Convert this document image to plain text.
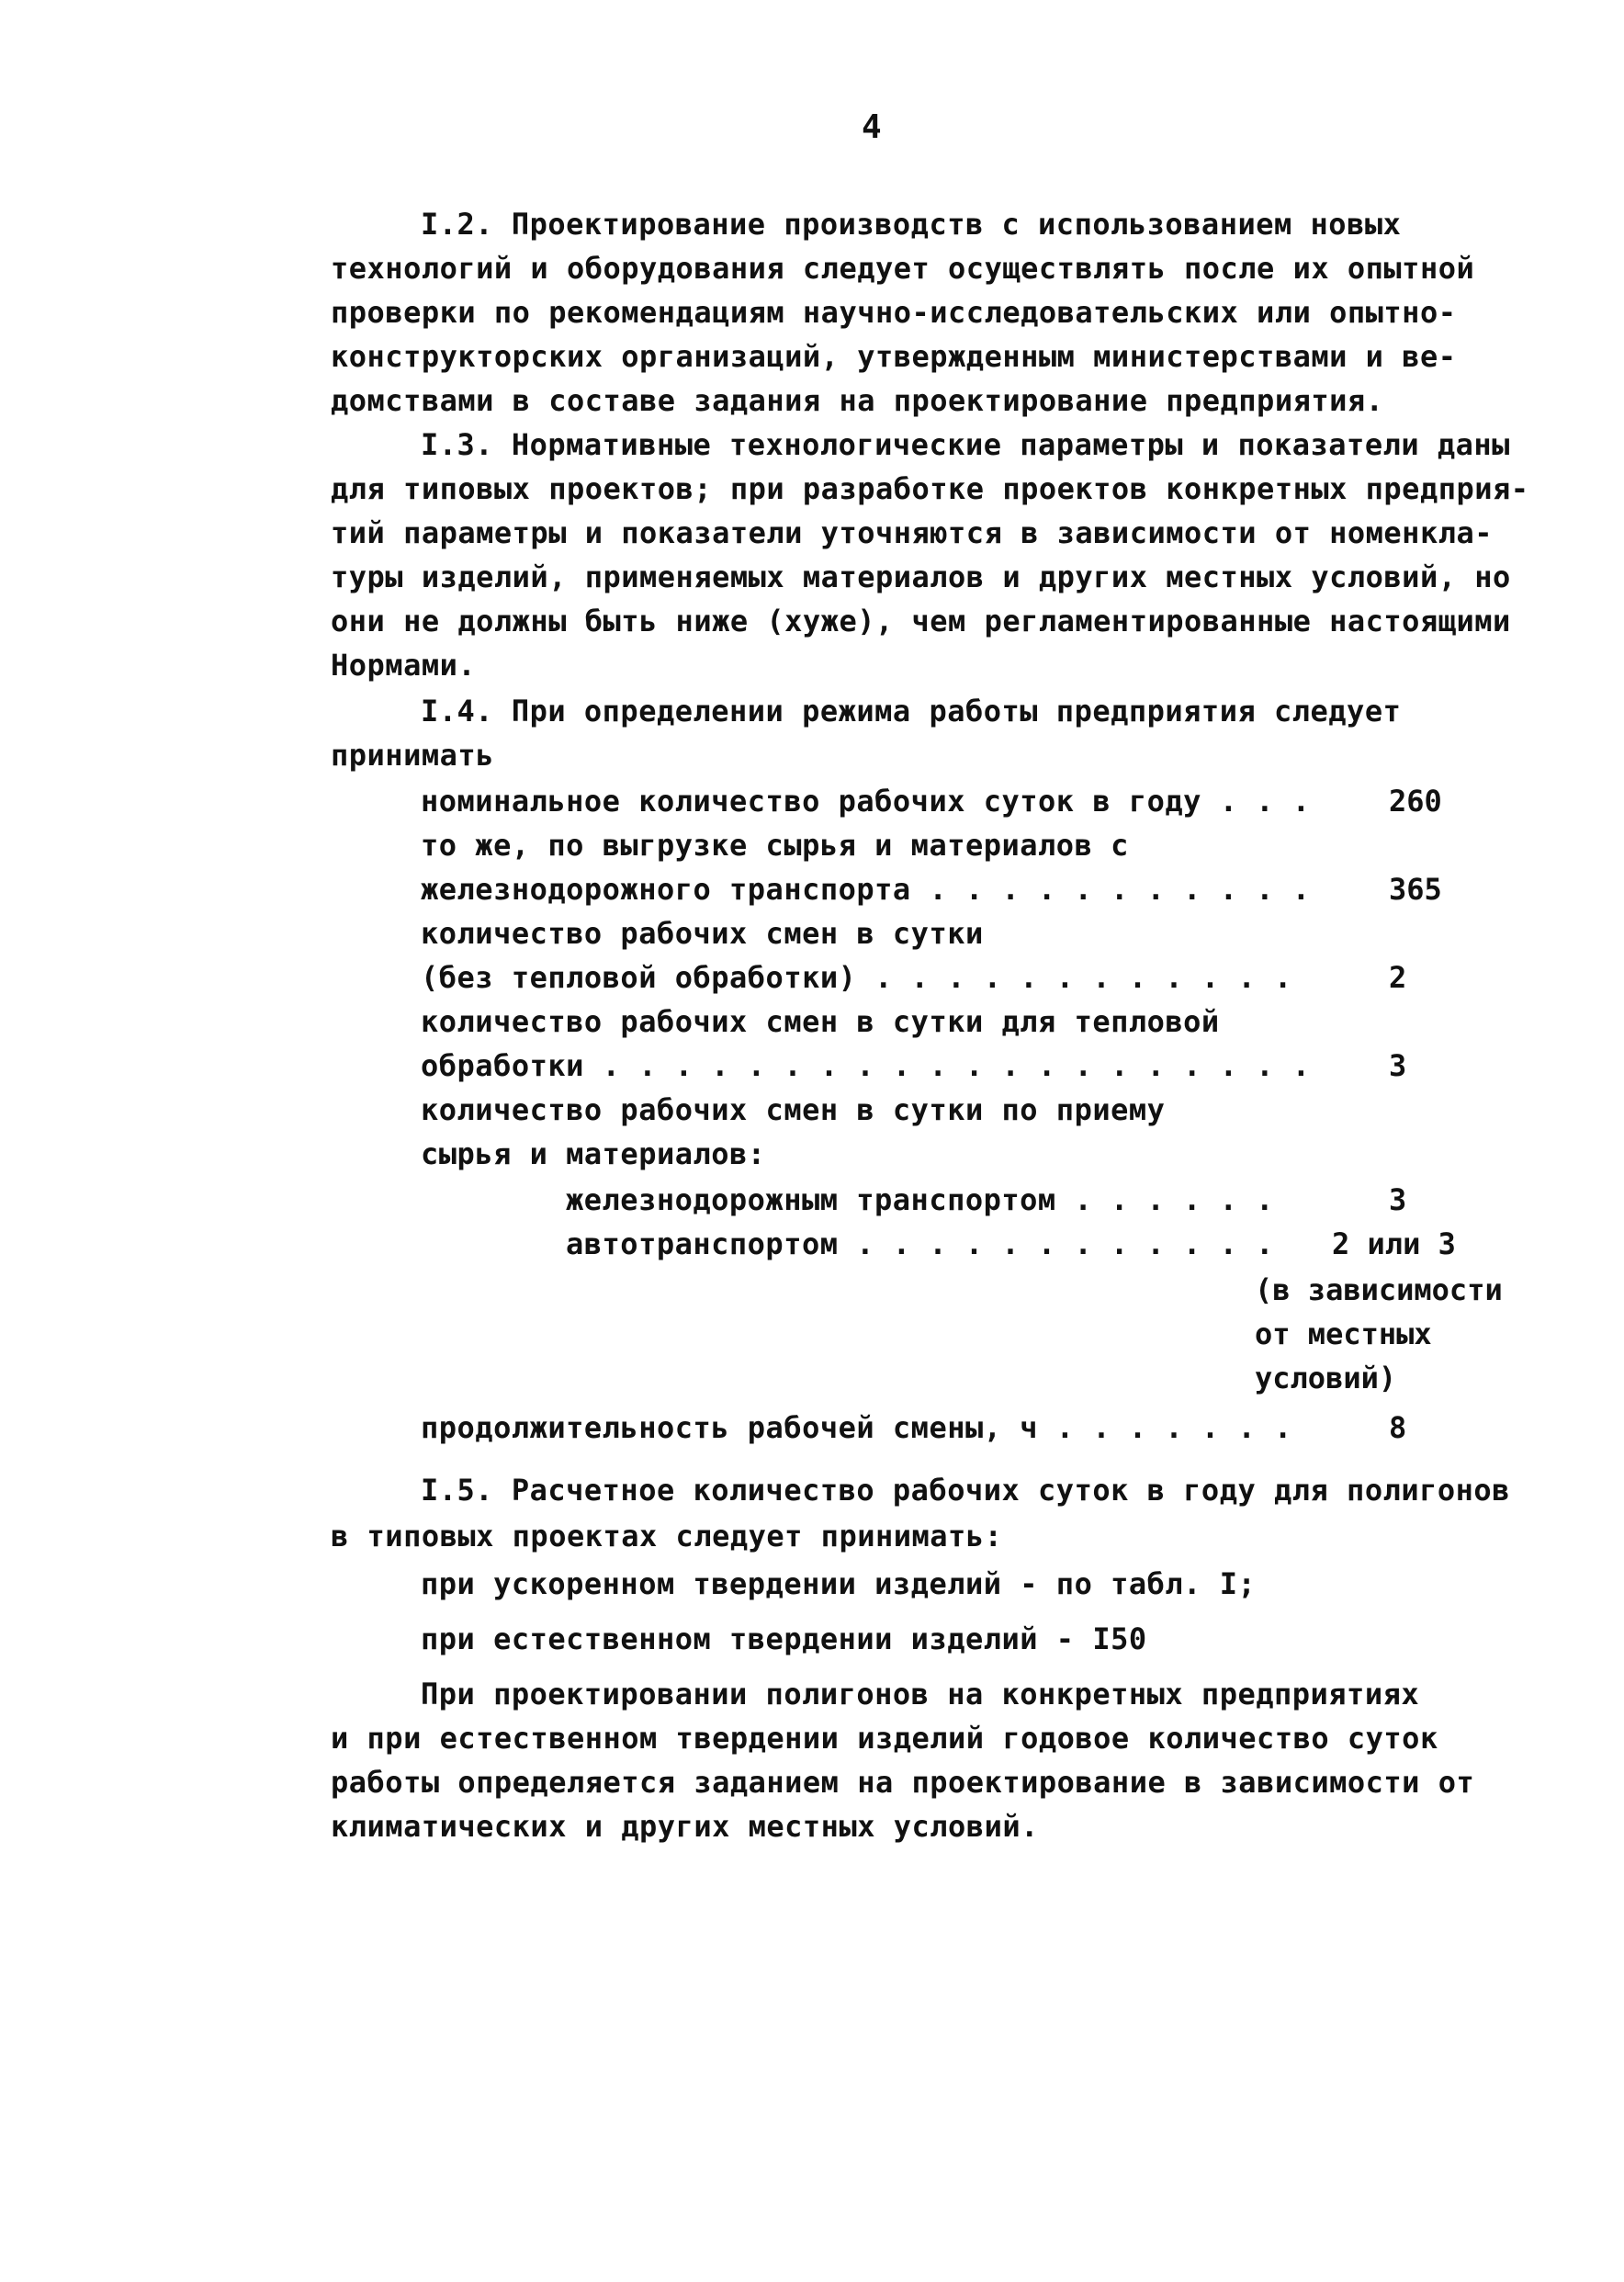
4
I.2. Проектирование производств с использованием новых
технологий и оборудования следует осуществлять после их опытной
проверки по рекомендациям научно-исследовательских или опытно-
конструкторских организаций, утвержденным министерствами и ве-
домствами в составе задания на проектирование предприятия.
I.3. Нормативные технологические параметры и показатели даны
для типовых проектов; при разработке проектов конкретных предприя-
тий параметры и показатели уточняются в зависимости от номенкла-
туры изделий, применяемых материалов и других местных условий, но
они не должны быть ниже (хуже), чем регламентированные настоящими
Нормами.
I.4. При определении режима работы предприятия следует
принимать
номинальное количество рабочих суток в году . . .	260
то же, по выгрузке сырья и материалов с
железнодорожного транспорта . . . . . . . . . . .	365
количество рабочих смен в сутки
(без тепловой обработки) . . . . . . . . . . . .	2
количество рабочих смен в сутки для тепловой
обработки . . . . . . . . . . . . . . . . . . . .	3
количество рабочих смен в сутки по приему
сырья и материалов:
железнодорожным транспортом . . . . . .	3
автотранспортом . . . . . . . . . . . . 2 или 3
(в зависимости
от местных
условий)
продолжительность рабочей смены, ч . . . . . . .	8
I.5. Расчетное количество рабочих суток в году для полигонов
в типовых проектах следует принимать:
при ускоренном твердении изделий - по табл. I;
при естественном твердении изделий - I50
При проектировании полигонов на конкретных предприятиях
и при естественном твердении изделий годовое количество суток
работы определяется заданием на проектирование в зависимости от
климатических и других местных условий.
